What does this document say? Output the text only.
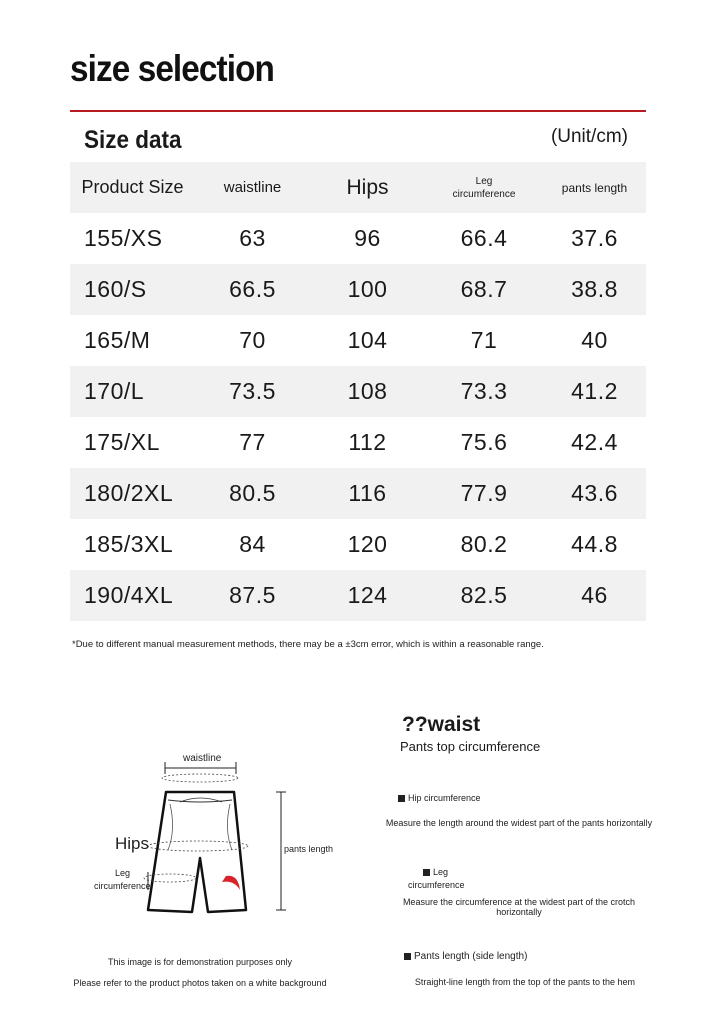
size selection
Size data	(Unit/cm)
Product Size	waistline	Hips	Leg
circumference	pants length
155/XS	63	96	66.4	37.6
160/S	66.5	100	68.7	38.8
165/M	70	104	71	40
170/L	73.5	108	73.3	41.2
175/XL	77	112	75.6	42.4
180/2XL	80.5	116	77.9	43.6
185/3XL	84	120	80.2	44.8
190/4XL	87.5	124	82.5	46
*Due to different manual measurement methods, there may be a ±3cm error, which is within a reasonable range.
waistline
Hips
Leg
circumference
pants length
This image is for demonstration purposes only
Please refer to the product photos taken on a white background
??waist
Pants top circumference
Hip circumference
Measure the length around the widest part of the pants horizontally
Leg
circumference
Measure the circumference at the widest part of the crotch horizontally
Pants length (side length)
Straight-line length from the top of the pants to the hem
